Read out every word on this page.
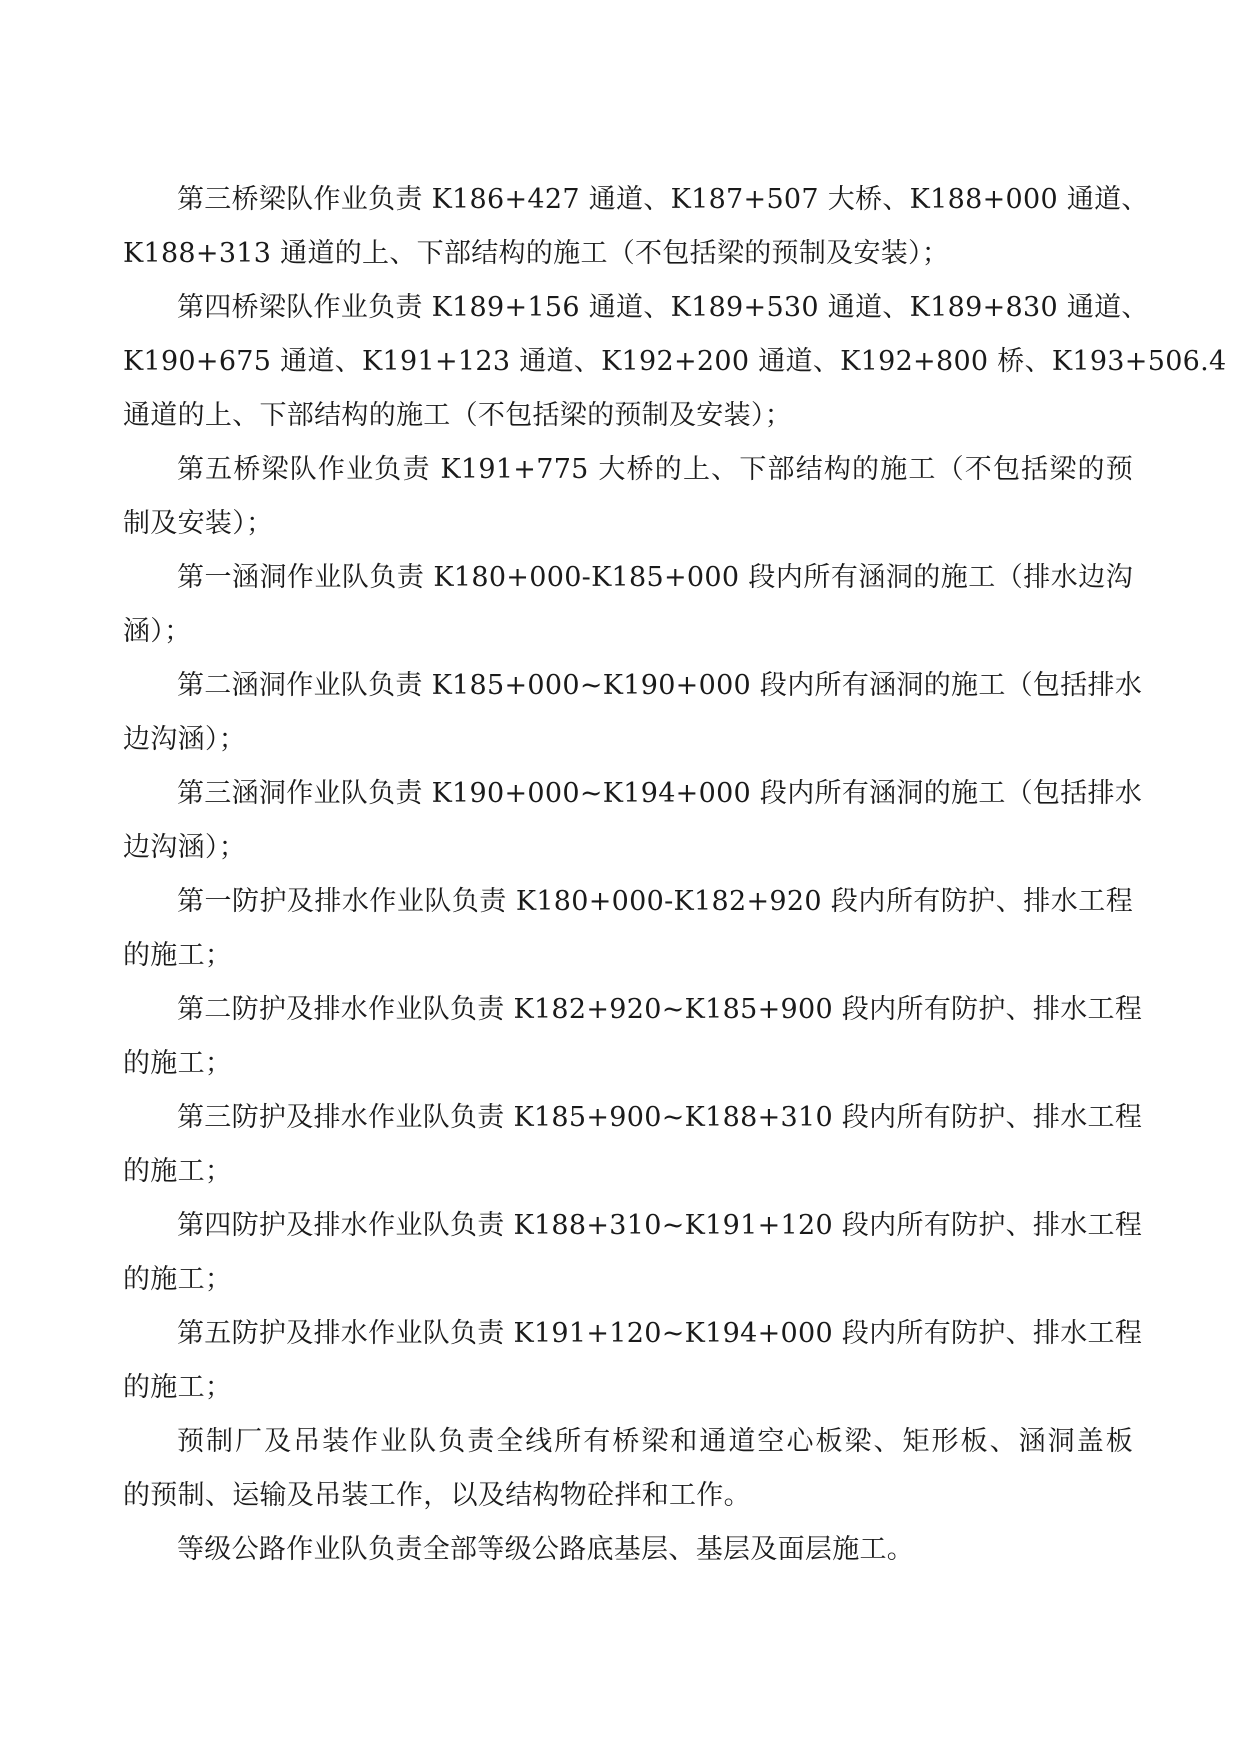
第三桥梁队作业负责 K186+427 通道、K187+507 大桥、K188+000 通道、
K188+313 通道的上、下部结构的施工（不包括梁的预制及安装）；

第四桥梁队作业负责 K189+156 通道、K189+530 通道、K189+830 通道、
K190+675 通道、K191+123 通道、K192+200 通道、K192+800 桥、K193+506.4
通道的上、下部结构的施工（不包括梁的预制及安装）；

第五桥梁队作业负责 K191+775 大桥的上、下部结构的施工（不包括梁的预
制及安装）；

第一涵洞作业队负责 K180+000-K185+000 段内所有涵洞的施工（排水边沟
涵）；

第二涵洞作业队负责 K185+000~K190+000 段内所有涵洞的施工（包括排水
边沟涵）；

第三涵洞作业队负责 K190+000~K194+000 段内所有涵洞的施工（包括排水
边沟涵）；

第一防护及排水作业队负责 K180+000-K182+920 段内所有防护、排水工程
的施工；

第二防护及排水作业队负责 K182+920~K185+900 段内所有防护、排水工程
的施工；

第三防护及排水作业队负责 K185+900~K188+310 段内所有防护、排水工程
的施工；

第四防护及排水作业队负责 K188+310~K191+120 段内所有防护、排水工程
的施工；

第五防护及排水作业队负责 K191+120~K194+000 段内所有防护、排水工程
的施工；

预制厂及吊装作业队负责全线所有桥梁和通道空心板梁、矩形板、涵洞盖板
的预制、运输及吊装工作，以及结构物砼拌和工作。

等级公路作业队负责全部等级公路底基层、基层及面层施工。
